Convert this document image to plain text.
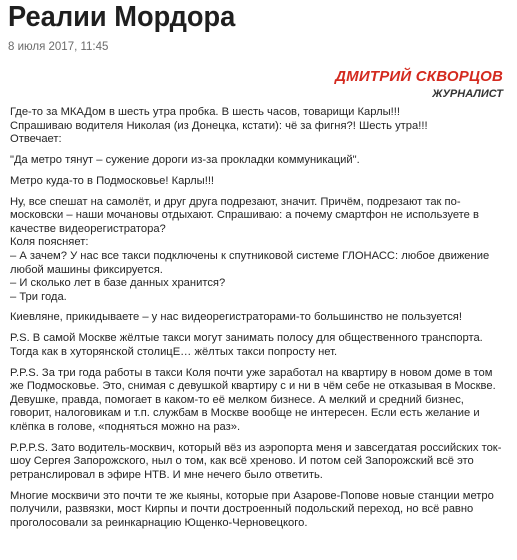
Реалии Мордора
8 июля 2017, 11:45
ДМИТРИЙ СКВОРЦОВ
ЖУРНАЛИСТ

Где-то за МКАДом в шесть утра пробка. В шесть часов, товарищи Карлы!!!
Спрашиваю водителя Николая (из Донецка, кстати): чё за фигня?! Шесть утра!!!
Отвечает:

"Да метро тянут – сужение дороги из-за прокладки коммуникаций".

Метро куда-то в Подмосковье! Карлы!!!

Ну, все спешат на самолёт, и друг друга подрезают, значит. Причём, подрезают так по-московски – наши мочановы отдыхают. Спрашиваю: а почему смартфон не используете в качестве видеорегистратора?
Коля поясняет:
– А зачем? У нас все такси подключены к спутниковой системе ГЛОНАСС: любое движение любой машины фиксируется.
– И сколько лет в базе данных хранится?
– Три года.

Киевляне, прикидываете – у нас видеорегистраторами-то большинство не пользуется!

P.S. В самой Москве жёлтые такси могут занимать полосу для общественного транспорта. Тогда как в хуторянской столицЕ… жёлтых такси попросту нет.

P.P.S. За три года работы в такси Коля почти уже заработал на квартиру в новом доме в том же Подмосковье. Это, снимая с девушкой квартиру с и ни в чём себе не отказывая в Москве. Девушке, правда, помогает в каком-то её мелком бизнесе. А мелкий и средний бизнес, говорит, налоговикам и т.п. службам в Москве вообще не интересен. Если есть желание и клёпка в голове, «подняться можно на раз».

P.P.P.S. Зато водитель-москвич, который вёз из аэропорта меня и завсегдатая российских ток-шоу Сергея Запорожского, ныл о том, как всё хреново. И потом сей Запорожский всё это ретранслировал в эфире НТВ. И мне нечего было ответить.

Многие москвичи это почти те же кыяны, которые при Азарове-Попове новые станции метро получили, развязки, мост Кирпы и почти достроенный подольский переход, но всё равно проголосовали за реинкарнацию Ющенко-Черновецкого.
